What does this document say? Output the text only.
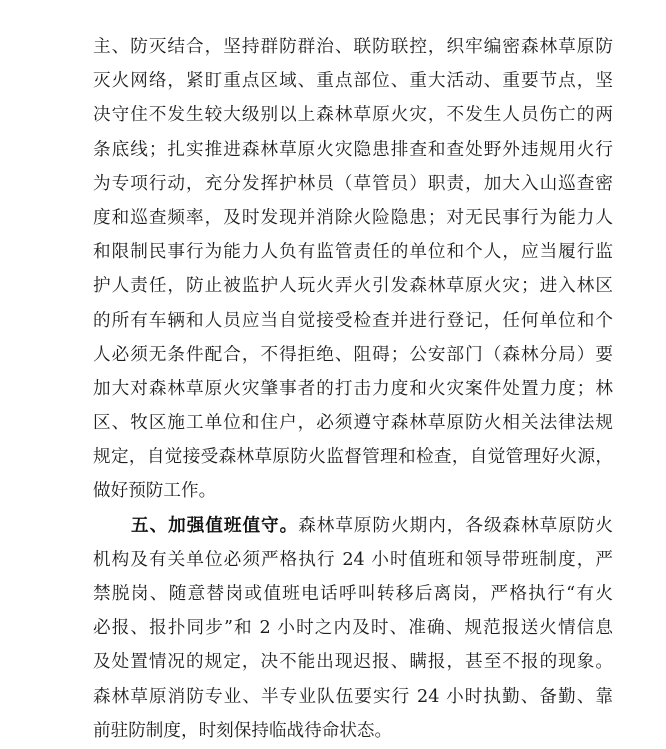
主、防灭结合，坚持群防群治、联防联控，织牢编密森林草原防
灭火网络，紧盯重点区域、重点部位、重大活动、重要节点，坚
决守住不发生较大级别以上森林草原火灾，不发生人员伤亡的两
条底线；扎实推进森林草原火灾隐患排查和查处野外违规用火行
为专项行动，充分发挥护林员（草管员）职责，加大入山巡查密
度和巡查频率，及时发现并消除火险隐患；对无民事行为能力人
和限制民事行为能力人负有监管责任的单位和个人，应当履行监
护人责任，防止被监护人玩火弄火引发森林草原火灾；进入林区
的所有车辆和人员应当自觉接受检查并进行登记，任何单位和个
人必须无条件配合，不得拒绝、阻碍；公安部门（森林分局）要
加大对森林草原火灾肇事者的打击力度和火灾案件处置力度；林
区、牧区施工单位和住户，必须遵守森林草原防火相关法律法规
规定，自觉接受森林草原防火监督管理和检查，自觉管理好火源，
做好预防工作。
五、加强值班值守。森林草原防火期内，各级森林草原防火
机构及有关单位必须严格执行 24 小时值班和领导带班制度，严
禁脱岗、随意替岗或值班电话呼叫转移后离岗，严格执行“有火
必报、报扑同步”和 2 小时之内及时、准确、规范报送火情信息
及处置情况的规定，决不能出现迟报、瞒报，甚至不报的现象。
森林草原消防专业、半专业队伍要实行 24 小时执勤、备勤、靠
前驻防制度，时刻保持临战待命状态。
